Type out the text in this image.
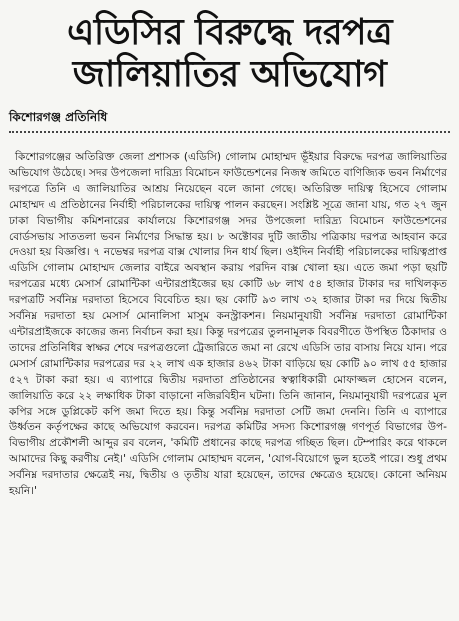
এডিসির বিরুদ্ধে দরপত্র
জালিয়াতির অভিযোগ
কিশোরগঞ্জ প্রতিনিধি

কিশোরগঞ্জের অতিরিক্ত জেলা প্রশাসক (এডিসি) গোলাম মোহাম্মদ ভূঁইয়ার বিরুদ্ধে দরপত্র জালিয়াতির অভিযোগ উঠেছে। সদর উপজেলা দারিদ্র্য বিমোচন ফাউন্ডেশনের নিজস্ব জমিতে বাণিজ্যিক ভবন নির্মাণের দরপত্রে তিনি এ জালিয়াতির আশ্রয় নিয়েছেন বলে জানা গেছে। অতিরিক্ত দায়িত্ব হিসেবে গোলাম মোহাম্মদ এ প্রতিষ্ঠানের নির্বাহী পরিচালকের দায়িত্ব পালন করছেন। সংশ্লিষ্ট সূত্রে জানা যায়, গত ২৭ জুন ঢাকা বিভাগীয় কমিশনারের কার্যালয়ে কিশোরগঞ্জ সদর উপজেলা দারিদ্র্য বিমোচন ফাউন্ডেশনের বোর্ডসভায় সাততলা ভবন নির্মাণের সিদ্ধান্ত হয়। ৮ অক্টোবর দুটি জাতীয় পত্রিকায় দরপত্র আহবান করে দেওয়া হয় বিজ্ঞপ্তি। ৭ নভেম্বর দরপত্র বাক্স খোলার দিন ধার্য ছিল। ওইদিন নির্বাহী পরিচালকের দায়িত্বপ্রাপ্ত এডিসি গোলাম মোহাম্মদ জেলার বাইরে অবস্থান করায় পরদিন বাক্স খোলা হয়। এতে জমা পড়া ছয়টি দরপত্রের মধ্যে মেসার্স রোমান্টিকা এন্টারপ্রাইজের ছয় কোটি ৬৮ লাখ ৫৪ হাজার টাকার দর দাখিলকৃত দরপত্রটি সর্বনিম্ন দরদাতা হিসেবে বিবেচিত হয়। ছয় কোটি ৯৩ লাখ ৩২ হাজার টাকা দর দিয়ে দ্বিতীয় সর্বনিম্ন দরদাতা হয় মেসার্স মোনালিসা মাসুম কনস্ট্রাকশন। নিয়মানুযায়ী সর্বনিম্ন দরদাতা রোমান্টিকা এন্টারপ্রাইজকে কাজের জন্য নির্বাচন করা হয়। কিন্তু দরপত্রের তুলনামূলক বিবরণীতে উপস্থিত ঠিকাদার ও তাদের প্রতিনিধির স্বাক্ষর শেষে দরপত্রগুলো ট্রেজারিতে জমা না রেখে এডিসি তার বাসায় নিয়ে যান। পরে মেসার্স রোমান্টিকার দরপত্রের দর ২২ লাখ এক হাজার ৪৬২ টাকা বাড়িয়ে ছয় কোটি ৯০ লাখ ৫৫ হাজার ৫২৭ টাকা করা হয়। এ ব্যাপারে দ্বিতীয় দরদাতা প্রতিষ্ঠানের স্বত্বাধিকারী মোফাজ্জল হোসেন বলেন, জালিয়াতি করে ২২ লক্ষাধিক টাকা বাড়ানো নজিরবিহীন ঘটনা। তিনি জানান, নিয়মানুযায়ী দরপত্রের মূল কপির সঙ্গে ডুপ্লিকেট কপি জমা দিতে হয়। কিন্তু সর্বনিম্ন দরদাতা সেটি জমা দেননি। তিনি এ ব্যাপারে উর্ধ্বতন কর্তৃপক্ষের কাছে অভিযোগ করবেন। দরপত্র কমিটির সদস্য কিশোরগঞ্জ গণপূর্ত বিভাগের উপ-বিভাগীয় প্রকৌশলী আব্দুর রব বলেন, 'কমিটি প্রধানের কাছে দরপত্র গচ্ছিত ছিল। টেম্পারিং করে থাকলে আমাদের কিছু করণীয় নেই।' এডিসি গোলাম মোহাম্মদ বলেন, 'যোগ-বিয়োগে ভুল হতেই পারে। শুধু প্রথম সর্বনিম্ন দরদাতার ক্ষেত্রেই নয়, দ্বিতীয় ও তৃতীয় যারা হয়েছেন, তাদের ক্ষেত্রেও হয়েছে। কোনো অনিয়ম হয়নি।'
